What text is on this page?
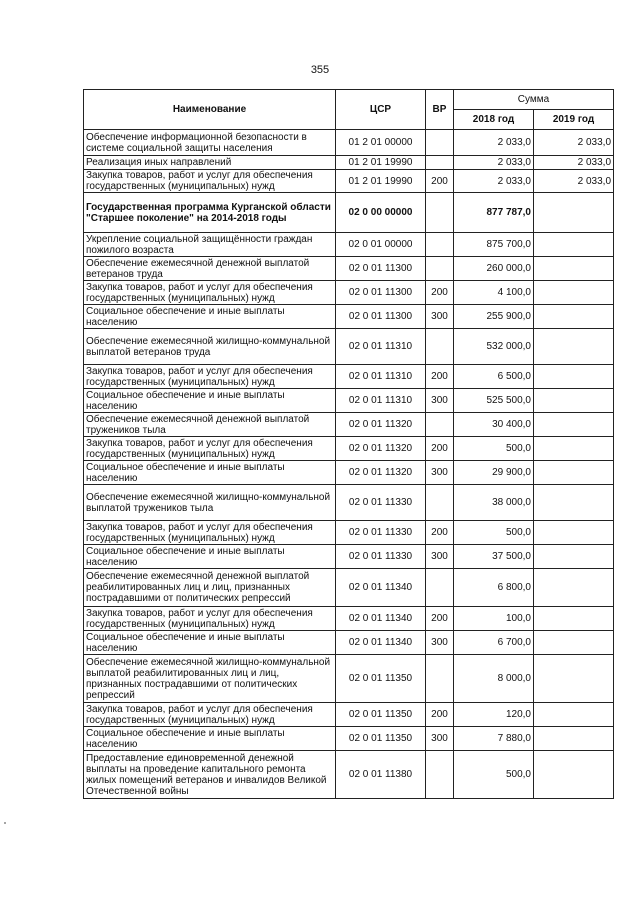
355
Наименование	ЦСР	ВР	Сумма	
			2018 год	2019 год
Обеспечение информационной безопасности в системе социальной защиты населения	01 2 01 00000		2 033,0	2 033,0
Реализация иных направлений	01 2 01 19990		2 033,0	2 033,0
Закупка товаров, работ и услуг для обеспечения государственных (муниципальных) нужд	01 2 01 19990	200	2 033,0	2 033,0
Государственная программа Курганской области "Старшее поколение" на 2014-2018 годы	02 0 00 00000		877 787,0	
Укрепление социальной защищённости граждан пожилого возраста	02 0 01 00000		875 700,0	
Обеспечение ежемесячной денежной выплатой ветеранов труда	02 0 01 11300		260 000,0	
Закупка товаров, работ и услуг для обеспечения государственных (муниципальных) нужд	02 0 01 11300	200	4 100,0	
Социальное обеспечение и иные выплаты населению	02 0 01 11300	300	255 900,0	
Обеспечение ежемесячной жилищно-коммунальной выплатой ветеранов труда	02 0 01 11310		532 000,0	
Закупка товаров, работ и услуг для обеспечения государственных (муниципальных) нужд	02 0 01 11310	200	6 500,0	
Социальное обеспечение и иные выплаты населению	02 0 01 11310	300	525 500,0	
Обеспечение ежемесячной денежной выплатой тружеников тыла	02 0 01 11320		30 400,0	
Закупка товаров, работ и услуг для обеспечения государственных (муниципальных) нужд	02 0 01 11320	200	500,0	
Социальное обеспечение и иные выплаты населению	02 0 01 11320	300	29 900,0	
Обеспечение ежемесячной жилищно-коммунальной выплатой тружеников тыла	02 0 01 11330		38 000,0	
Закупка товаров, работ и услуг для обеспечения государственных (муниципальных) нужд	02 0 01 11330	200	500,0	
Социальное обеспечение и иные выплаты населению	02 0 01 11330	300	37 500,0	
Обеспечение ежемесячной денежной выплатой реабилитированных лиц и лиц, признанных пострадавшими от политических репрессий	02 0 01 11340		6 800,0	
Закупка товаров, работ и услуг для обеспечения государственных (муниципальных) нужд	02 0 01 11340	200	100,0	
Социальное обеспечение и иные выплаты населению	02 0 01 11340	300	6 700,0	
Обеспечение ежемесячной жилищно-коммунальной выплатой реабилитированных лиц и лиц, признанных пострадавшими от политических репрессий	02 0 01 11350		8 000,0	
Закупка товаров, работ и услуг для обеспечения государственных (муниципальных) нужд	02 0 01 11350	200	120,0	
Социальное обеспечение и иные выплаты населению	02 0 01 11350	300	7 880,0	
Предоставление единовременной денежной выплаты на проведение капитального ремонта жилых помещений ветеранов и инвалидов Великой Отечественной войны	02 0 01 11380		500,0	
